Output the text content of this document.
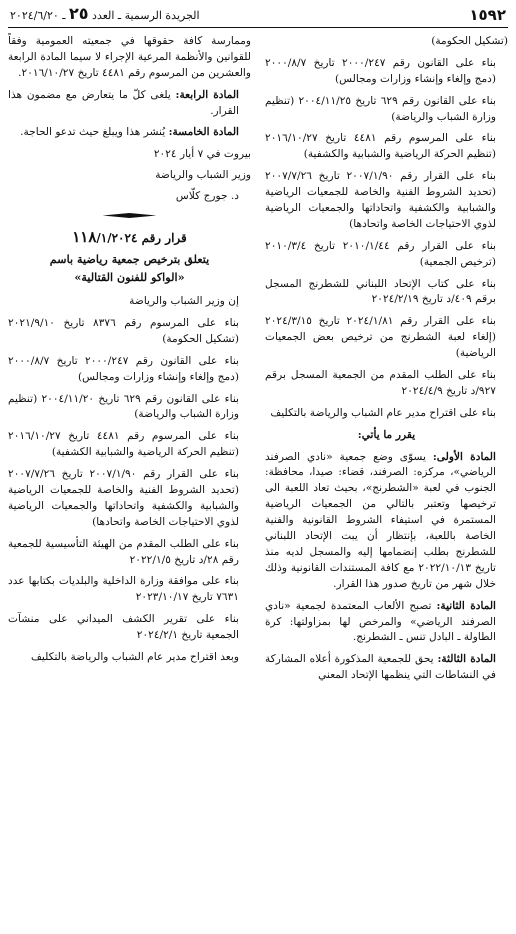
١٥٩٢
الجريدة الرسمية ـ العدد ٢٥ ـ ٢٠٢٤/٦/٢٠

(تشكيل الحكومة)

بناء على القانون رقم ٢٠٠٠/٢٤٧ تاريخ ٢٠٠٠/٨/٧ (دمج وإلغاء وإنشاء وزارات ومجالس)

بناء على القانون رقم ٦٢٩ تاريخ ٢٠٠٤/١١/٢٥ (تنظيم وزارة الشباب والرياضة)

بناء على المرسوم رقم ٤٤٨١ تاريخ ٢٠١٦/١٠/٢٧ (تنظيم الحركة الرياضية والشبابية والكشفية)

بناء على القرار رقم ٢٠٠٧/١/٩٠ تاريخ ٢٠٠٧/٧/٢٦ (تحديد الشروط الفنية والخاصة للجمعيات الرياضية والشبابية والكشفية واتحاداتها والجمعيات الرياضية لذوي الاحتياجات الخاصة واتحادها)

بناء على القرار رقم ٢٠١٠/١/٤٤ تاريخ ٢٠١٠/٣/٤ (ترخيص الجمعية)

بناء على كتاب الإتحاد اللبناني للشطرنج المسجل برقم ٤٠٩/د تاريخ ٢٠٢٤/٢/١٩

بناء على القرار رقم ٢٠٢٤/١/٨١ تاريخ ٢٠٢٤/٣/١٥ (إلغاء لعبة الشطرنج من ترخيص بعض الجمعيات الرياضية)

بناء على الطلب المقدم من الجمعية المسجل برقم ٩٢٧/د تاريخ ٢٠٢٤/٤/٩

بناء على اقتراح مدير عام الشباب والرياضة بالتكليف

يقرر ما يأتي:

المادة الأولى: يسوّى وضع جمعية «نادي الصرفند الرياضي»، مركزه: الصرفند، قضاء: صيدا، محافظة: الجنوب في لعبة «الشطرنج»، بحيث تعاد اللعبة الى ترخيصها وتعتبر بالتالي من الجمعيات الرياضية المستمرة في استيفاء الشروط القانونية والفنية الخاصة باللعبة، بإنتظار أن يبت الإتحاد اللبناني للشطرنج بطلب إنضمامها إليه والمسجل لديه منذ تاريخ ٢٠٢٢/١٠/١٣ مع كافة المستندات القانونية وذلك خلال شهر من تاريخ صدور هذا القرار.

المادة الثانية: تصبح الألعاب المعتمدة لجمعية «نادي الصرفند الرياضي» والمرخص لها بمزاولتها: كرة الطاولة ـ البادل تنس ـ الشطرنج.

المادة الثالثة: يحق للجمعية المذكورة أعلاه المشاركة في النشاطات التي ينظمها الإتحاد المعني

وممارسة كافة حقوقها في جمعيته العمومية وفقاً للقوانين والأنظمة المرعية الإجراء لا سيما المادة الرابعة والعشرين من المرسوم رقم ٤٤٨١ تاريخ ٢٠١٦/١٠/٢٧.

المادة الرابعة: يلغى كلّ ما يتعارض مع مضمون هذا القرار.

المادة الخامسة: يُنشر هذا ويبلغ حيث تدعو الحاجة.

بيروت في ٧ أيار ٢٠٢٤

وزير الشباب والرياضة

د. جورج كلّاس

قرار رقم ١١٨/١/٢٠٢٤
يتعلق بترخيص جمعية رياضية باسم
«الواكو للفنون القتالية»

إن وزير الشباب والرياضة

بناء على المرسوم رقم ٨٣٧٦ تاريخ ٢٠٢١/٩/١٠ (تشكيل الحكومة)

بناء على القانون رقم ٢٠٠٠/٢٤٧ تاريخ ٢٠٠٠/٨/٧ (دمج وإلغاء وإنشاء وزارات ومجالس)

بناء على القانون رقم ٦٢٩ تاريخ ٢٠٠٤/١١/٢٠ (تنظيم وزارة الشباب والرياضة)

بناء على المرسوم رقم ٤٤٨١ تاريخ ٢٠١٦/١٠/٢٧ (تنظيم الحركة الرياضية والشبابية الكشفية)

بناء على القرار رقم ٢٠٠٧/١/٩٠ تاريخ ٢٠٠٧/٧/٢٦ (تحديد الشروط الفنية والخاصة للجمعيات الرياضية والشبابية والكشفية واتحاداتها والجمعيات الرياضية لذوي الاحتياجات الخاصة واتحادها)

بناء على الطلب المقدم من الهيئة التأسيسية للجمعية رقم ٢٨/د تاريخ ٢٠٢٢/١/٥

بناء على موافقة وزارة الداخلية والبلديات بكتابها عدد ٧٦٣١ تاريخ ٢٠٢٣/١٠/١٧

بناء على تقرير الكشف الميداني على منشآت الجمعية تاريخ ٢٠٢٤/٢/١

وبعد اقتراح مدير عام الشباب والرياضة بالتكليف
